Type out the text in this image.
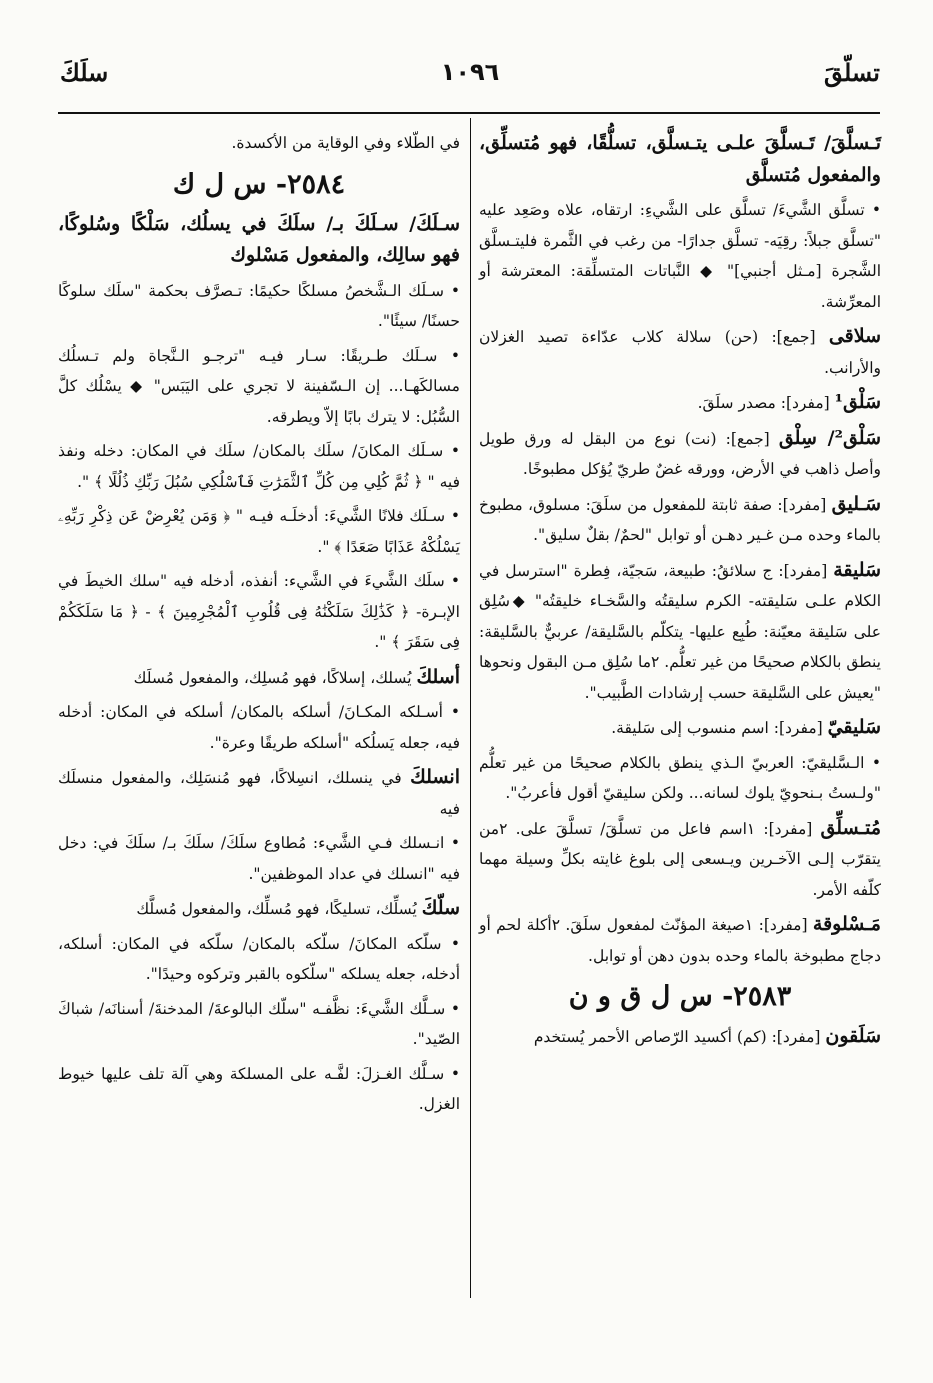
تسلّقَ
١٠٩٦
سلَكَ

تَـسلَّقَ/ تَـسلَّقَ علـى يتـسلَّق، تسلُّقًا، فهو مُتسلِّق، والمفعول مُتسلَّق

• تسلَّق الشَّيءَ/ تسلَّق على الشَّيءِ: ارتقاه، علاه وصَعِد عليه "تسلَّق جبلاً: رقِيَه- تسلَّق جدارًا- من رغب في الثَّمرة فليتـسلَّق الشَّجرة [مـثل أجنبي]" ◆ النَّباتات المتسلِّقة: المعترشة أو المعرِّشة.

سلاقى [جمع]: (حن) سلالة كلاب عدّاءة تصيد الغزلان والأرانب.

سَلْق¹ [مفرد]: مصدر سلَقَ.

سَلْق²/ سِلْق [جمع]: (نت) نوع من البقل له ورق طويل وأصل ذاهب في الأرض، وورقه غضٌ طريّ يُؤكل مطبوخًا.

سَـليق [مفرد]: صفة ثابتة للمفعول من سلَقَ: مسلوق، مطبوخ بالماء وحده مـن غـير دهـن أو توابل "لحمٌ/ بقلٌ سليق".

سَليقة [مفرد]: ج سلائقُ: طبيعة، سَجيّة، فِطرة "استرسل في الكلام علـى سَليقته- الكرم سليقتُه والسَّخـاء خليقتُه" ◆سُلِق على سَليقة معيّنة: طُبِع عليها- يتكلّم بالسَّليقة/ عربيٌّ بالسَّليقة: ينطق بالكلام صحيحًا من غير تعلُّم. ٢ما سُلِق مـن البقول ونحوها "يعيش على السَّليقة حسب إرشادات الطَّبيب".

سَليقيّ [مفرد]: اسم منسوب إلى سَليقة.

• الـسَّليقيّ: العربيّ الـذي ينطق بالكلام صحيحًا من غير تعلُّم "ولـستُ بـنحويّ يلوك لسانه... ولكن سليقيّ أقول فأعربُ".

مُتـسلِّق [مفرد]: ١اسم فاعل من تسلَّقَ/ تسلَّقَ على. ٢من يتقرّب إلـى الآخـرين ويـسعى إلى بلوغ غايته بكلِّ وسيلة مهما كلّفه الأمر.

مَـسْلوقة [مفرد]: ١صيغة المؤنّث لمفعول سلَقَ. ٢أكلة لحم أو دجاج مطبوخة بالماء وحده بدون دهن أو توابل.

٢٥٨٣- س ل ق و ن

سَلَقون [مفرد]: (كم) أكسيد الرّصاص الأحمر يُستخدم

في الطّلاء وفي الوقاية من الأكسدة.

٢٥٨٤- س ل ك

سـلَكَ/ سـلَكَ بـ/ سلَكَ في يسلُك، سَلْكًا وسُلوكًا، فهو سالِك، والمفعول مَسْلوك

• سـلَك الـشَّخصُ مسلكًا حكيمًا: تـصرَّف بحكمة "سلَك سلوكًا حسنًا/ سيئًا".

• سـلَك طـريقًا: سـار فيـه "ترجـو الـنَّجاة ولم تـسلُك مسالكَهـا... إن الـسّفينة لا تجري على اليَبَس" ◆ يسْلُك كلَّ السُّبُل: لا يترك بابًا إلاّ ويطرقه.

• سـلَك المكانَ/ سلَك بالمكان/ سلَك في المكان: دخله ونفذ فيه " ﴿ ثُمَّ كُلِي مِن كُلِّ ٱلثَّمَرَٰتِ فَٱسْلُكِي سُبُلَ رَبِّكِ ذُلُلًا ﴾ ".

• سـلَك فلانًا الشَّيءَ: أدخلَـه فيـه " ﴿ وَمَن يُعْرِضْ عَن ذِكْرِ رَبِّهِۦ يَسْلُكْهُ عَذَابًا صَعَدًا ﴾ ".

• سلَك الشَّيءَ في الشَّيء: أنفذه، أدخله فيه "سلك الخيطَ في الإبـرة- ﴿ كَذَٰلِكَ سَلَكْنَٰهُ فِى قُلُوبِ ٱلْمُجْرِمِينَ ﴾ - ﴿ مَا سَلَكَكُمْ فِى سَقَرَ ﴾ ".

أسلكَ يُسلك، إسلاكًا، فهو مُسلِك، والمفعول مُسلَك

• أسـلكه المكـانَ/ أسلكه بالمكان/ أسلكه في المكان: أدخله فيه، جعله يَسلُكه "أسلكه طريقًا وعرة".

انسلكَ في ينسلك، انسِلاكًا، فهو مُنسَلِك، والمفعول منسلَك فيه

• انـسلك فـي الشَّيء: مُطاوع سلَكَ/ سلَكَ بـ/ سلَكَ في: دخل فيه "انسلك في عداد الموظفين".

سلّكَ يُسلِّك، تسليكًا، فهو مُسلِّك، والمفعول مُسلَّك

• سلّكه المكانَ/ سلّكه بالمكان/ سلّكه في المكان: أسلكه، أدخله، جعله يسلكه "سلّكوه بالقبر وتركوه وحيدًا".

• سـلَّك الشَّيءَ: نظَّفـه "سلّك البالوعةَ/ المدخنةَ/ أسنانَه/ شباكَ الصّيد".

• سـلَّك الغـزلَ: لفَّـه على المسلكة وهي آلة تلف عليها خيوط الغزل.
